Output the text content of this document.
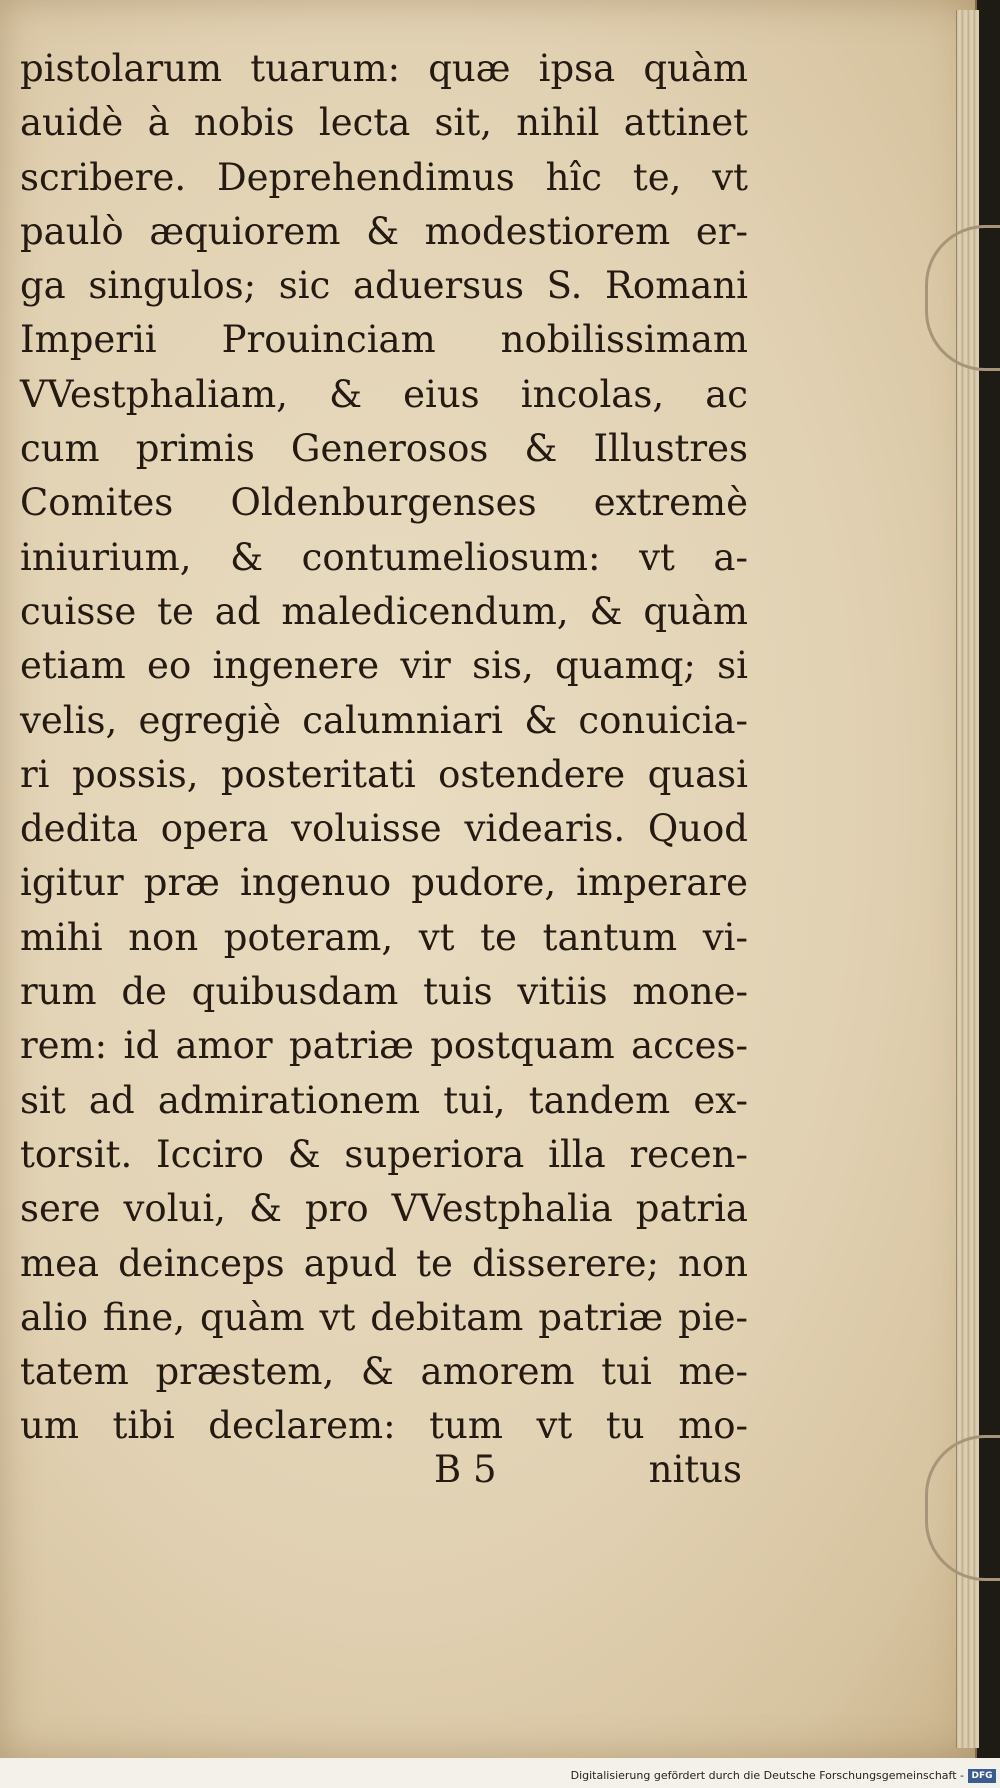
pistolarum tuarum: quæ ipsa quàm
auidè à nobis lecta sit, nihil attinet
scribere. Deprehendimus hîc te, vt
paulò æquiorem & modestiorem er-
ga singulos; sic aduersus S. Romani
Imperii Prouinciam nobilissimam
VVestphaliam, & eius incolas, ac
cum primis Generosos & Illustres
Comites Oldenburgenses extremè
iniurium, & contumeliosum: vt a-
cuisse te ad maledicendum, & quàm
etiam eo ingenere vir sis, quamq; si
velis, egregiè calumniari & conuicia-
ri possis, posteritati ostendere quasi
dedita opera voluisse videaris. Quod
igitur præ ingenuo pudore, imperare
mihi non poteram, vt te tantum vi-
rum de quibusdam tuis vitiis mone-
rem: id amor patriæ postquam acces-
sit ad admirationem tui, tandem ex-
torsit. Icciro & superiora illa recen-
sere volui, & pro VVestphalia patria
mea deinceps apud te disserere; non
alio fine, quàm vt debitam patriæ pie-
tatem præstem, & amorem tui me-
um tibi declarem: tum vt tu mo-
B 5	nitus
Digitalisierung gefördert durch die Deutsche Forschungsgemeinschaft - DFG
